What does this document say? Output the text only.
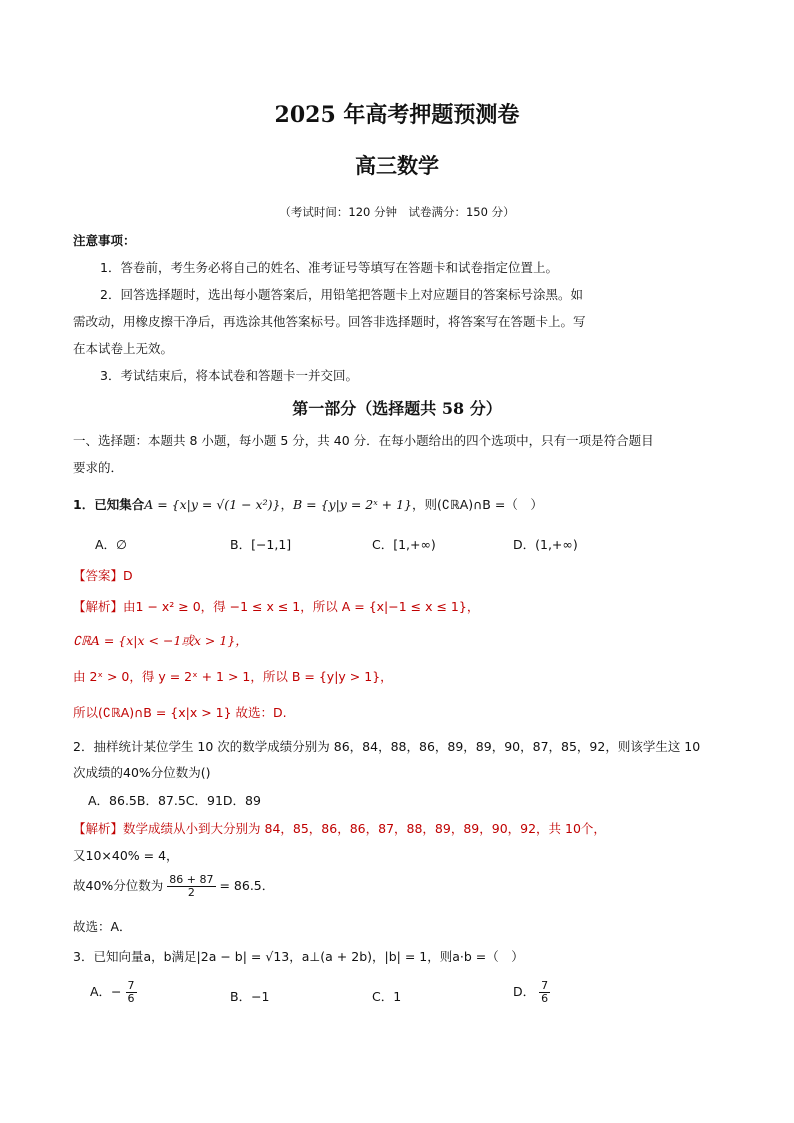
2025 年高考押题预测卷
高三数学
（考试时间：120 分钟　试卷满分：150 分）
注意事项：
1．答卷前，考生务必将自己的姓名、准考证号等填写在答题卡和试卷指定位置上。
2．回答选择题时，选出每小题答案后，用铅笔把答题卡上对应题目的答案标号涂黑。如
需改动，用橡皮擦干净后，再选涂其他答案标号。回答非选择题时，将答案写在答题卡上。写
在本试卷上无效。
3．考试结束后，将本试卷和答题卡一并交回。
第一部分（选择题共 58 分）
一、选择题：本题共 8 小题，每小题 5 分，共 40 分．在每小题给出的四个选项中，只有一项是符合题目
要求的．
1．已知集合A = {x|y = √(1 − x²)}，B = {y|y = 2ˣ + 1}，则(∁ℝA)∩B =（　）
A．∅	B．[−1,1]	C．[1,+∞)	D．(1,+∞)
【答案】D
【解析】由1 − x² ≥ 0，得 −1 ≤ x ≤ 1，所以 A = {x|−1 ≤ x ≤ 1}，
∁ℝA = {x|x < −1或x > 1}，
由 2ˣ > 0，得 y = 2ˣ + 1 > 1，所以 B = {y|y > 1}，
所以(∁ℝA)∩B = {x|x > 1} 故选：D.
2．抽样统计某位学生 10 次的数学成绩分别为 86，84，88，86，89，89，90，87，85，92，则该学生这 10
次成绩的40%分位数为()
A．86.5B．87.5C．91D．89
【解析】数学成绩从小到大分别为 84，85，86，86，87，88，89，89，90，92，共 10个，
又10×40% = 4，
故40%分位数为 $\frac{86 + 87}{2} = 86.5$．
故选：A．
3．已知向量a，b满足|2a − b| = √13，a⊥(a + 2b)，|b| = 1，则a·b =（　）
A．− $\frac{7}{6}$	B．−1	C．1	D． $\frac{7}{6}$
